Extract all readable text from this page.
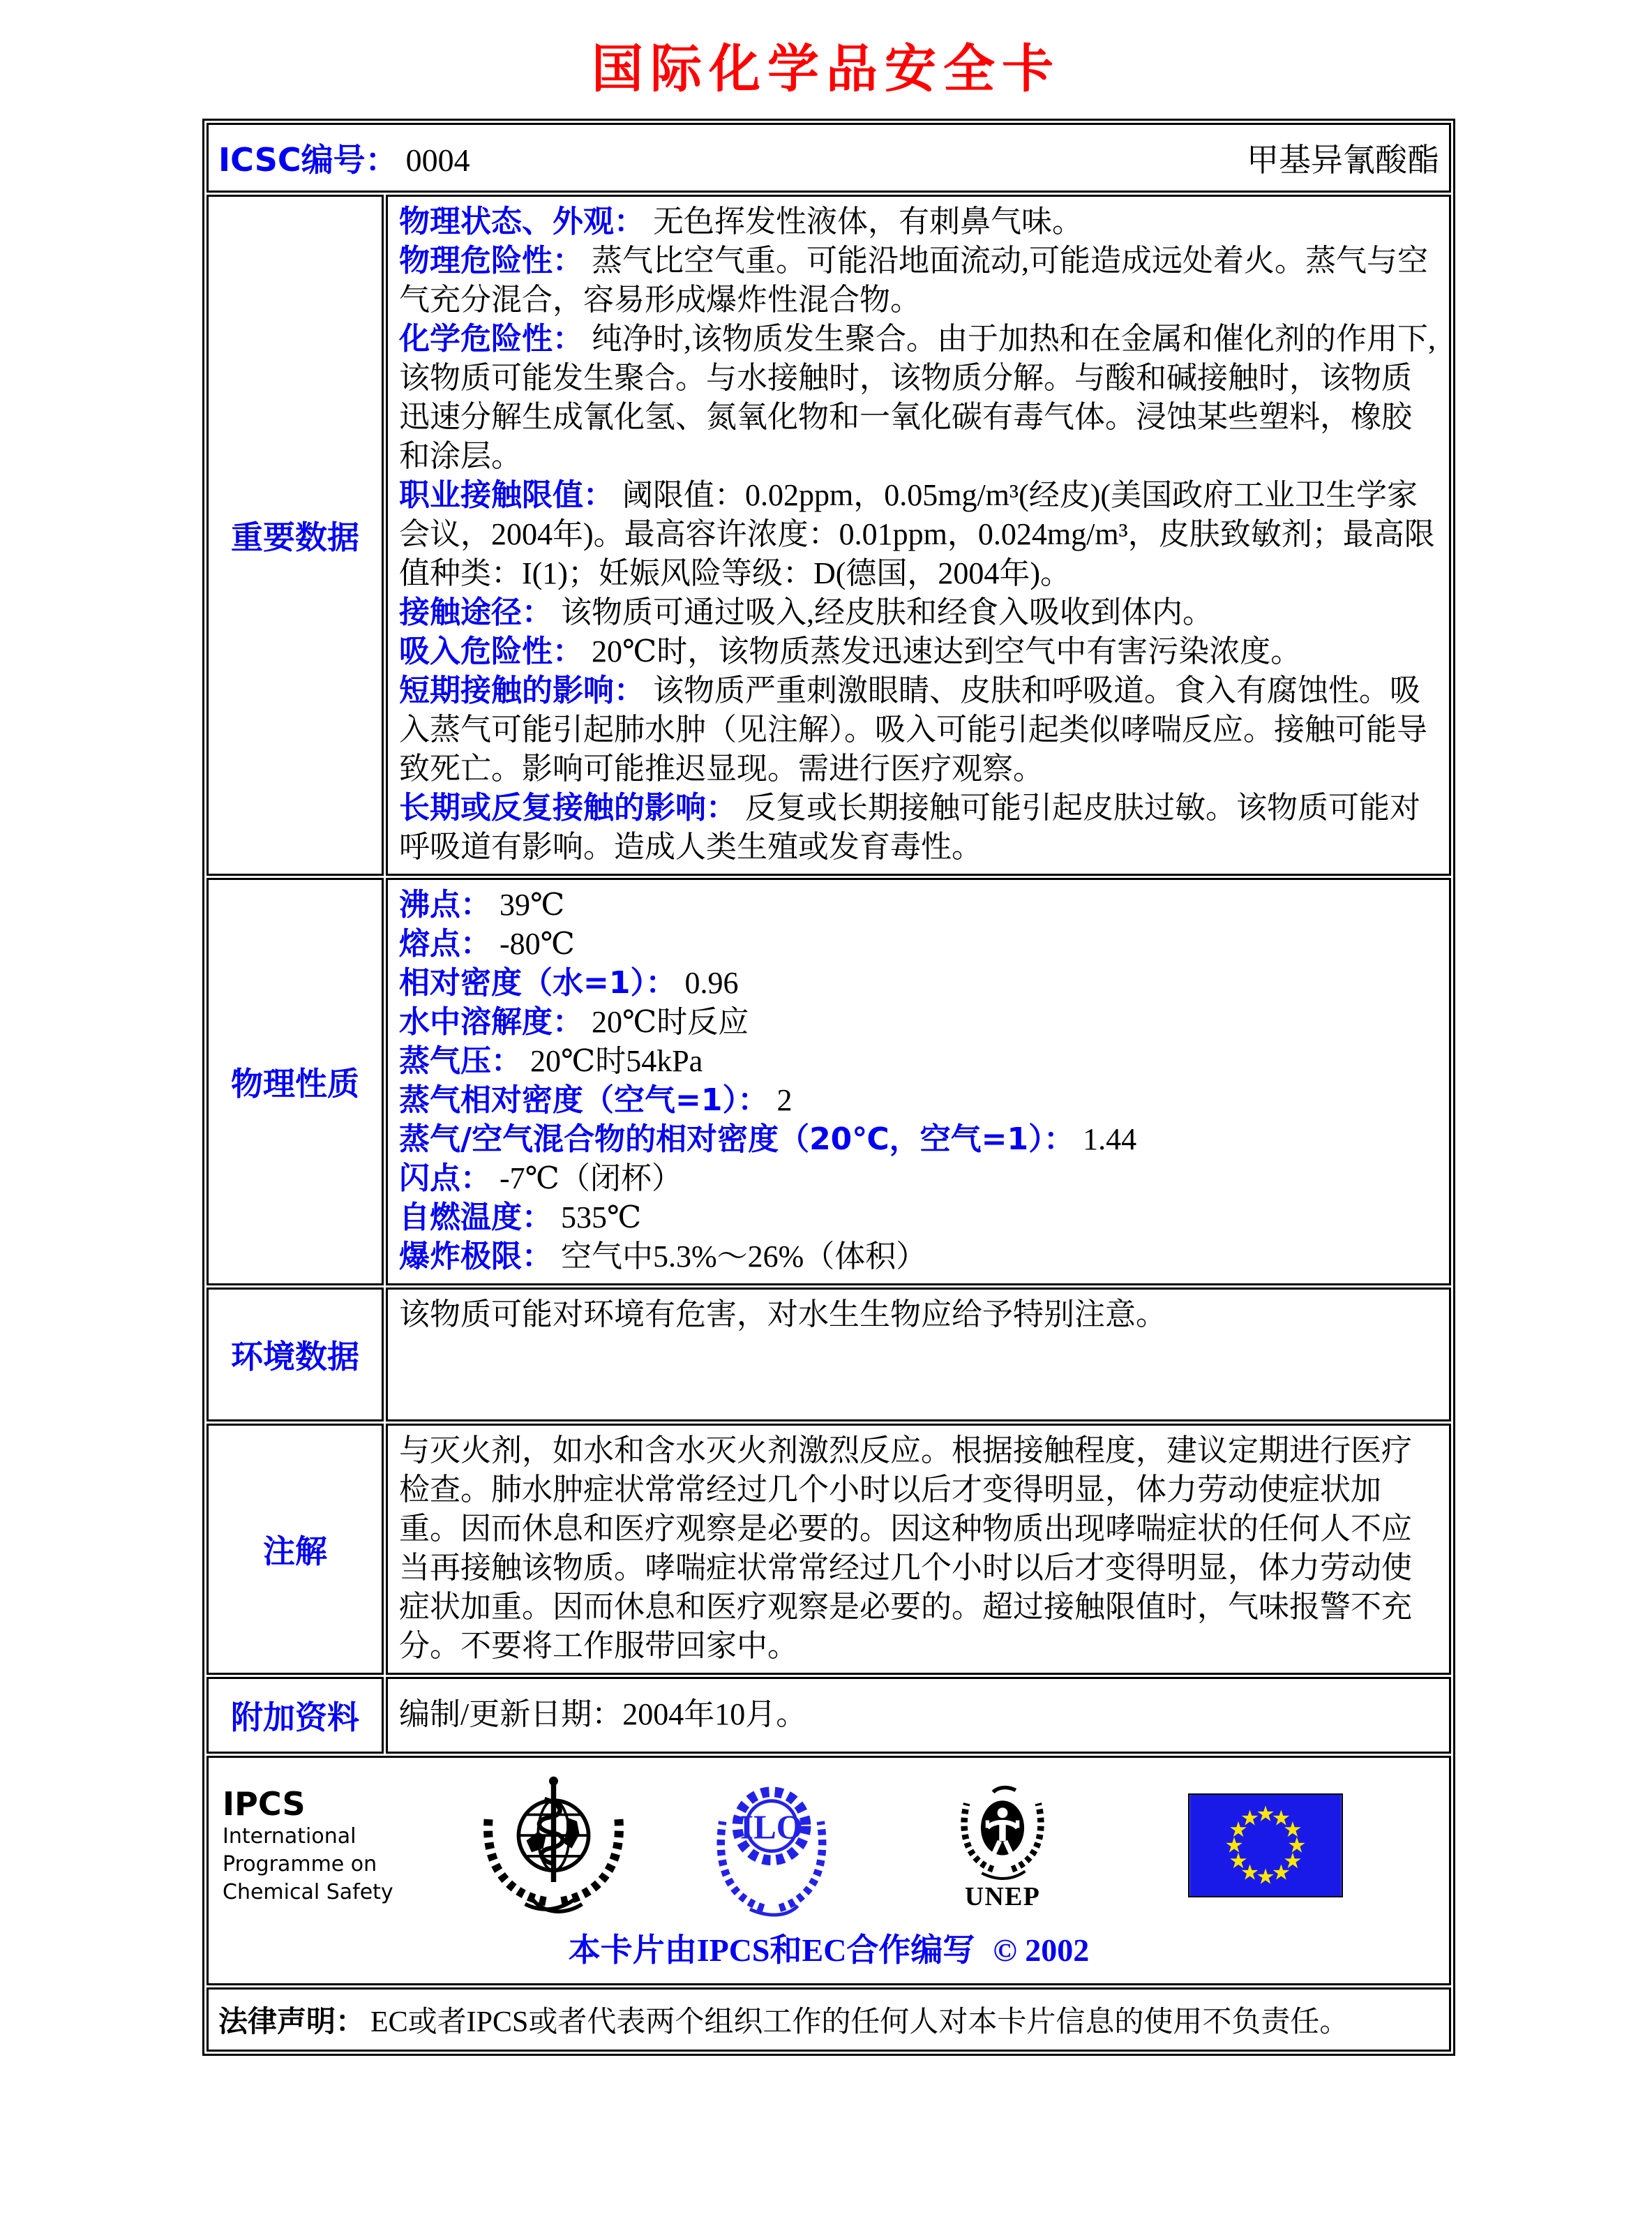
国际化学品安全卡
ICSC编号： 0004 甲基异氰酸酯	

重要数据	
物理状态、外观： 无色挥发性液体，有刺鼻气味。
物理危险性： 蒸气比空气重。可能沿地面流动,可能造成远处着火。蒸气与空气充分混合，容易形成爆炸性混合物。
化学危险性： 纯净时,该物质发生聚合。由于加热和在金属和催化剂的作用下,该物质可能发生聚合。与水接触时，该物质分解。与酸和碱接触时，该物质迅速分解生成氰化氢、氮氧化物和一氧化碳有毒气体。浸蚀某些塑料，橡胶和涂层。
职业接触限值： 阈限值：0.02ppm，0.05mg/m³(经皮)(美国政府工业卫生学家会议，2004年)。最高容许浓度：0.01ppm，0.024mg/m³，皮肤致敏剂；最高限值种类：I(1)；妊娠风险等级：D(德国，2004年)。
接触途径： 该物质可通过吸入,经皮肤和经食入吸收到体内。
吸入危险性： 20℃时，该物质蒸发迅速达到空气中有害污染浓度。
短期接触的影响： 该物质严重刺激眼睛、皮肤和呼吸道。食入有腐蚀性。吸入蒸气可能引起肺水肿（见注解）。吸入可能引起类似哮喘反应。接触可能导致死亡。影响可能推迟显现。需进行医疗观察。
长期或反复接触的影响： 反复或长期接触可能引起皮肤过敏。该物质可能对呼吸道有影响。造成人类生殖或发育毒性。

物理性质	
沸点： 39℃
熔点： -80℃
相对密度（水=1）： 0.96
水中溶解度： 20℃时反应
蒸气压： 20℃时54kPa
蒸气相对密度（空气=1）： 2
蒸气/空气混合物的相对密度（20℃，空气=1）： 1.44
闪点： -7℃（闭杯）
自燃温度： 535℃
爆炸极限： 空气中5.3%～26%（体积）

环境数据	该物质可能对环境有危害，对水生生物应给予特别注意。
注解	与灭火剂，如水和含水灭火剂激烈反应。根据接触程度，建议定期进行医疗检查。肺水肿症状常常经过几个小时以后才变得明显，体力劳动使症状加重。因而休息和医疗观察是必要的。因这种物质出现哮喘症状的任何人不应当再接触该物质。哮喘症状常常经过几个小时以后才变得明显，体力劳动使症状加重。因而休息和医疗观察是必要的。超过接触限值时，气味报警不充分。不要将工作服带回家中。
附加资料	编制/更新日期：2004年10月。

IPCS
International
Programme on
Chemical Safety
ILO
UNEP
★
★
★
★
★
★
★
★
★
★
★
★
本卡片由IPCS和EC合作编写 © 2002

法律声明： EC或者IPCS或者代表两个组织工作的任何人对本卡片信息的使用不负责任。	
